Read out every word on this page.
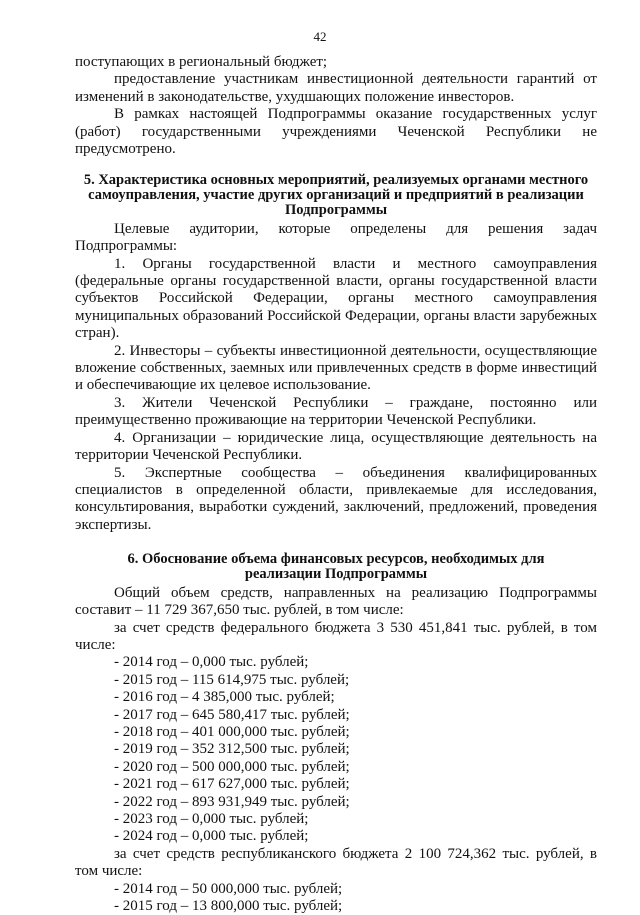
42

поступающих в региональный бюджет;

предоставление участникам инвестиционной деятельности гарантий от изменений в законодательстве, ухудшающих положение инвесторов.

В рамках настоящей Подпрограммы оказание государственных услуг (работ) государственными учреждениями Чеченской Республики не предусмотрено.

5. Характеристика основных мероприятий, реализуемых органами местного
самоуправления, участие других организаций и предприятий в реализации
Подпрограммы

Целевые аудитории, которые определены для решения задач Подпрограммы:

1. Органы государственной власти и местного самоуправления (федеральные органы государственной власти, органы государственной власти субъектов Российской Федерации, органы местного самоуправления муниципальных образований Российской Федерации, органы власти зарубежных стран).

2. Инвесторы – субъекты инвестиционной деятельности, осуществляющие вложение собственных, заемных или привлеченных средств в форме инвестиций и обеспечивающие их целевое использование.

3. Жители Чеченской Республики – граждане, постоянно или преимущественно проживающие на территории Чеченской Республики.

4. Организации – юридические лица, осуществляющие деятельность на территории Чеченской Республики.

5. Экспертные сообщества – объединения квалифицированных специалистов в определенной области, привлекаемые для исследования, консультирования, выработки суждений, заключений, предложений, проведения экспертизы.

6. Обоснование объема финансовых ресурсов, необходимых для
реализации Подпрограммы

Общий объем средств, направленных на реализацию Подпрограммы составит – 11 729 367,650 тыс. рублей, в том числе:

за счет средств федерального бюджета 3 530 451,841 тыс. рублей, в том числе:

- 2014 год – 0,000 тыс. рублей;

- 2015 год – 115 614,975 тыс. рублей;

- 2016 год – 4 385,000 тыс. рублей;

- 2017 год – 645 580,417 тыс. рублей;

- 2018 год – 401 000,000 тыс. рублей;

- 2019 год – 352 312,500 тыс. рублей;

- 2020 год – 500 000,000 тыс. рублей;

- 2021 год – 617 627,000 тыс. рублей;

- 2022 год – 893 931,949 тыс. рублей;

- 2023 год – 0,000 тыс. рублей;

- 2024 год – 0,000 тыс. рублей;

за счет средств республиканского бюджета 2 100 724,362 тыс. рублей, в том числе:

- 2014 год – 50 000,000 тыс. рублей;

- 2015 год – 13 800,000 тыс. рублей;
